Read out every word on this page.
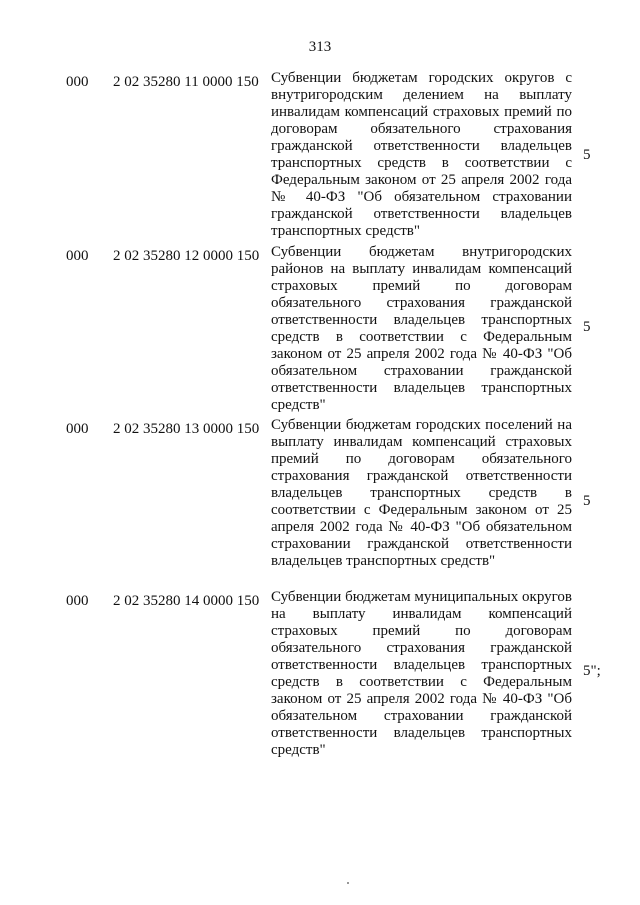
313
000	2 02 35280 11 0000 150 Субвенции бюджетам городских округов с внутригородским делением на выплату инвалидам компенсаций страховых премий по договорам обязательного страхования гражданской ответственности владельцев транспортных средств в соответствии с Федеральным законом от 25 апреля 2002 года № 40-ФЗ "Об обязательном страховании гражданской ответственности владельцев транспортных средств"
5
000	2 02 35280 12 0000 150 Субвенции бюджетам внутригородских районов на выплату инвалидам компенсаций страховых премий по договорам обязательного страхования гражданской ответственности владельцев транспортных средств в соответствии с Федеральным законом от 25 апреля 2002 года № 40-ФЗ "Об обязательном страховании гражданской ответственности владельцев транспортных средств"
5
000	2 02 35280 13 0000 150 Субвенции бюджетам городских поселений на выплату инвалидам компенсаций страховых премий по договорам обязательного страхования гражданской ответственности владельцев транспортных средств в соответствии с Федеральным законом от 25 апреля 2002 года № 40-ФЗ "Об обязательном страховании гражданской ответственности владельцев транспортных средств"
5
000	2 02 35280 14 0000 150 Субвенции бюджетам муниципальных округов на выплату инвалидам компенсаций страховых премий по договорам обязательного страхования гражданской ответственности владельцев транспортных средств в соответствии с Федеральным законом от 25 апреля 2002 года № 40-ФЗ "Об обязательном страховании гражданской ответственности владельцев транспортных средств"
5";
